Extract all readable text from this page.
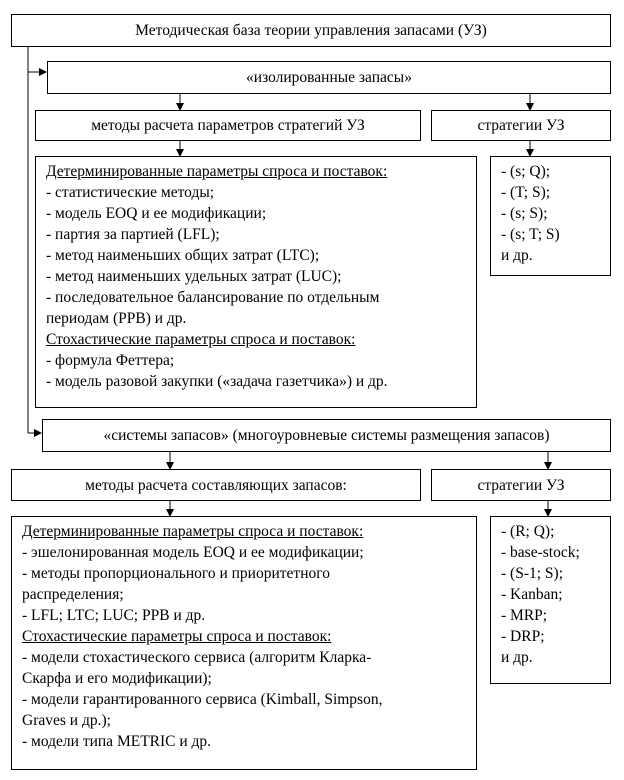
Методическая база теории управления запасами (УЗ)
«изолированные запасы»
методы расчета параметров стратегий УЗ	стратегии УЗ
Детерминированные параметры спроса и поставок:
- статистические методы;
- модель EOQ и ее модификации;
- партия за партией (LFL);
- метод наименьших общих затрат (LTC);
- метод наименьших удельных затрат (LUC);
- последовательное балансирование по отдельным
периодам (PPB) и др.
Стохастические параметры спроса и поставок:
- формула Феттера;
- модель разовой закупки («задача газетчика») и др.
- (s; Q);
- (T; S);
- (s; S);
- (s; T; S)
и др.
«системы запасов» (многоуровневые системы размещения запасов)
методы расчета составляющих запасов:	стратегии УЗ
Детерминированные параметры спроса и поставок:
- эшелонированная модель EOQ и ее модификации;
- методы пропорционального и приоритетного
распределения;
- LFL; LTC; LUC; PPB и др.
Стохастические параметры спроса и поставок:
- модели стохастического сервиса (алгоритм Кларка-
Скарфа и его модификации);
- модели гарантированного сервиса (Kimball, Simpson,
Graves и др.);
- модели типа METRIC и др.
- (R; Q);
- base-stock;
- (S-1; S);
- Kanban;
- MRP;
- DRP;
и др.
